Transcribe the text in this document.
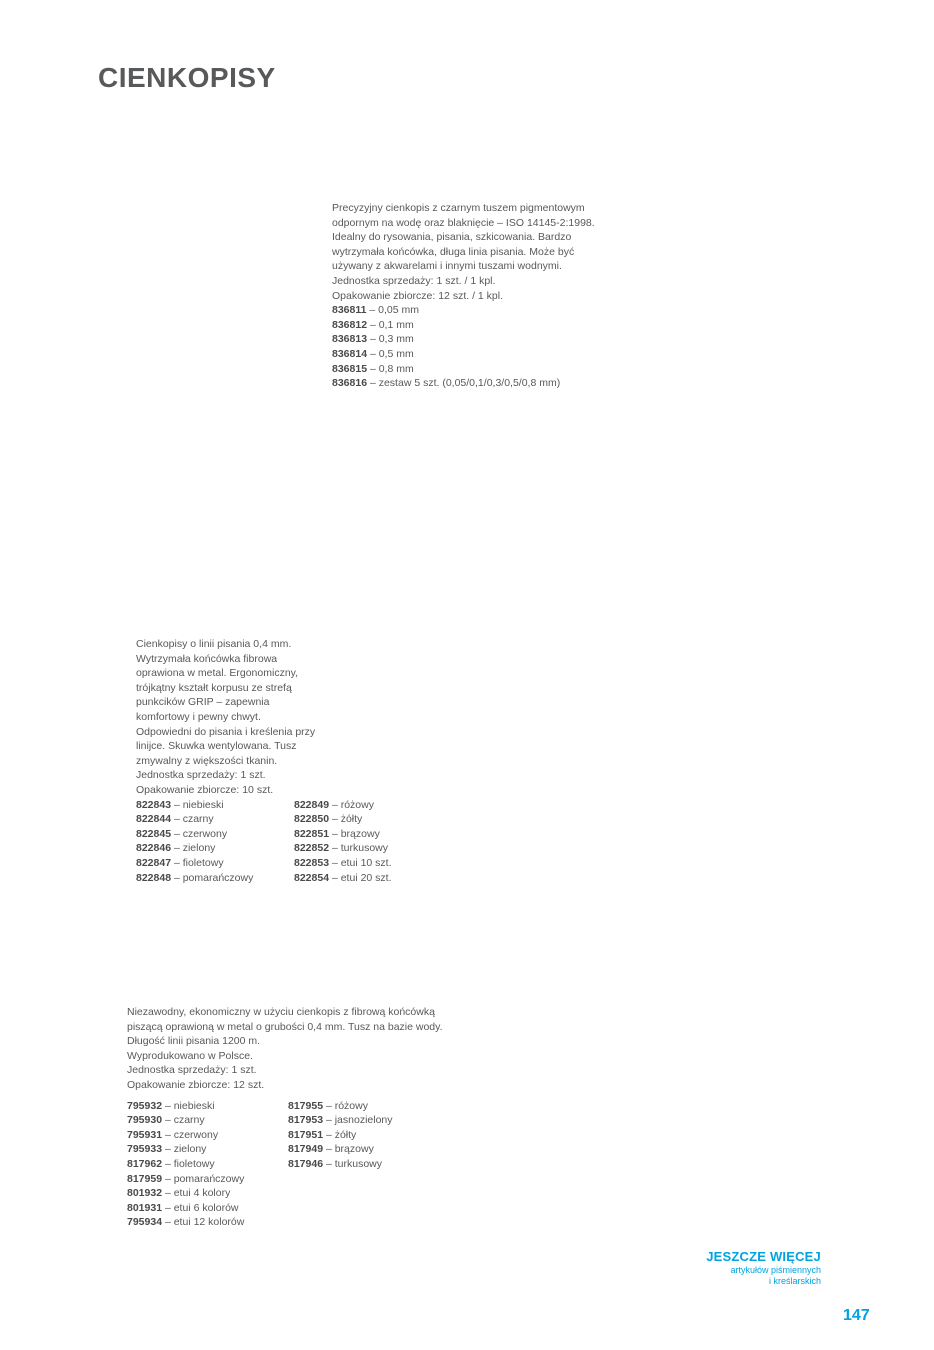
CIENKOPISY

Precyzyjny cienkopis z czarnym tuszem pigmentowym

odpornym na wodę oraz blaknięcie – ISO 14145-2:1998.

Idealny do rysowania, pisania, szkicowania. Bardzo

wytrzymała końcówka, długa linia pisania. Może być

używany z akwarelami i innymi tuszami wodnymi.

Jednostka sprzedaży: 1 szt. / 1 kpl.

Opakowanie zbiorcze: 12 szt. / 1 kpl.

836811 – 0,05 mm

836812 – 0,1 mm

836813 – 0,3 mm

836814 – 0,5 mm

836815 – 0,8 mm

836816 – zestaw 5 szt. (0,05/0,1/0,3/0,5/0,8 mm)

Cienkopisy o linii pisania 0,4 mm.

Wytrzymała końcówka fibrowa

oprawiona w metal. Ergonomiczny,

trójkątny kształt korpusu ze strefą

punkcików GRIP – zapewnia

komfortowy i pewny chwyt.

Odpowiedni do pisania i kreślenia przy

linijce. Skuwka wentylowana. Tusz

zmywalny z większości tkanin.

Jednostka sprzedaży: 1 szt.

Opakowanie zbiorcze: 10 szt.

822843 – niebieski

822844 – czarny

822845 – czerwony

822846 – zielony

822847 – fioletowy

822848 – pomarańczowy

822849 – różowy

822850 – żółty

822851 – brązowy

822852 – turkusowy

822853 – etui 10 szt.

822854 – etui 20 szt.

Niezawodny, ekonomiczny w użyciu cienkopis z fibrową końcówką

piszącą oprawioną w metal o grubości 0,4 mm. Tusz na bazie wody.

Długość linii pisania 1200 m.

Wyprodukowano w Polsce.

Jednostka sprzedaży: 1 szt.

Opakowanie zbiorcze: 12 szt.

795932 – niebieski

795930 – czarny

795931 – czerwony

795933 – zielony

817962 – fioletowy

817959 – pomarańczowy

801932 – etui 4 kolory

801931 – etui 6 kolorów

795934 – etui 12 kolorów

817955 – różowy

817953 – jasnozielony

817951 – żółty

817949 – brązowy

817946 – turkusowy

JESZCZE WIĘCEJ
artykułów piśmiennych
i kreślarskich
147
